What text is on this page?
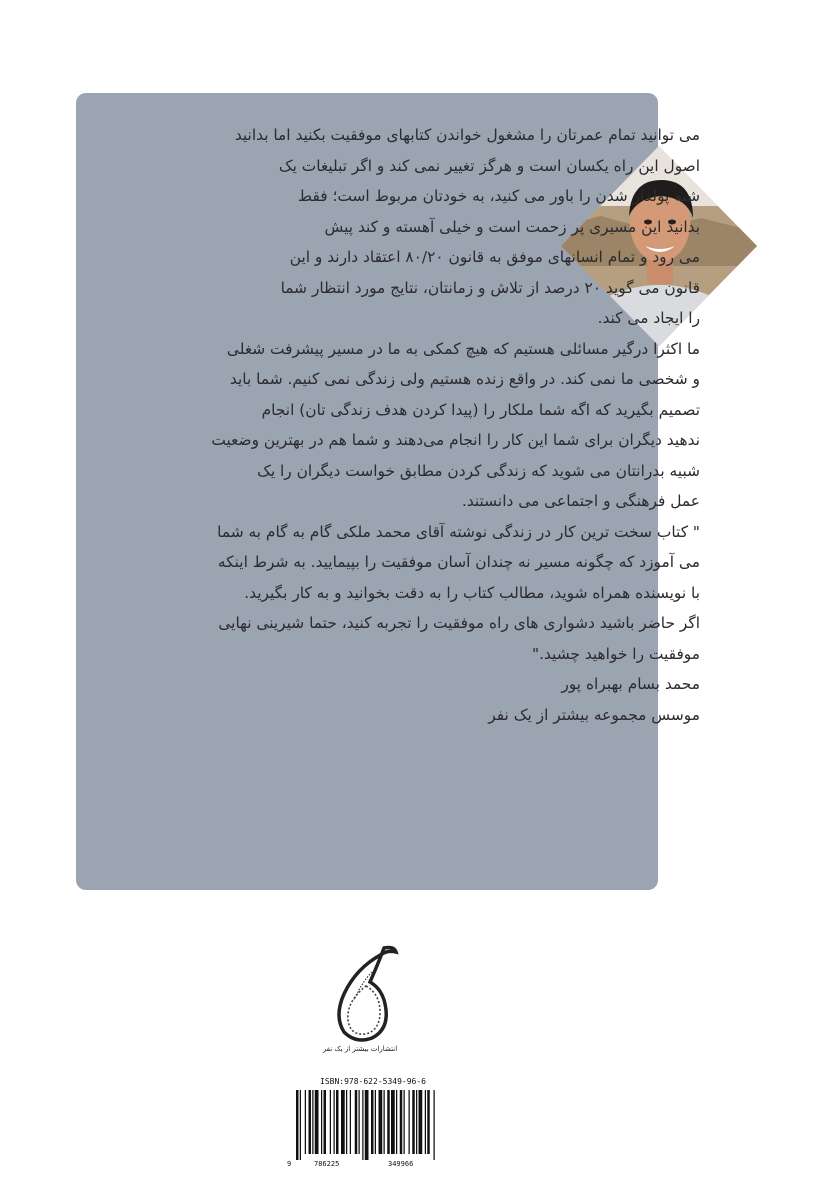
می توانید تمام عمرتان را مشغول خواندن کتابهای موفقیت بکنید اما بدانید
اصول این راه یکسان است و هرگز تغییر نمی کند و اگر تبلیغات یک
شبه پولدار شدن را باور می کنید، به خودتان مربوط است؛ فقط
بدانید این مسیری پر زحمت است و خیلی آهسته و کند پیش
می رود و تمام انسانهای موفق به قانون ۸۰/۲۰ اعتقاد دارند و این
قانون می گوید ۲۰ درصد از تلاش و زمانتان، نتایج مورد انتظار شما
را ایجاد می کند.
ما اکثرا درگیر مسائلی هستیم که هیچ کمکی به ما در مسیر پیشرفت شغلی
و شخصی ما نمی کند. در واقع زنده هستیم ولی زندگی نمی کنیم. شما باید
تصمیم بگیرید که اگه شما ملکار را (پیدا کردن هدف زندگی تان) انجام
ندهید دیگران برای شما این کار را انجام می‌دهند و شما هم در بهترین وضعیت
شبیه بدرانتان می شوید که زندگی کردن مطابق خواست دیگران را یک
عمل فرهنگی و اجتماعی می دانستند.
" کتاب سخت ترین کار در زندگی نوشته آقای محمد ملکی گام به گام به شما
می آموزد که چگونه مسیر نه چندان آسان موفقیت را بپیمایید. به شرط اینکه
با نویسنده همراه شوید، مطالب کتاب را به دقت بخوانید و به کار بگیرید.
اگر حاضر باشید دشواری های راه موفقیت را تجربه کنید، حتما شیرینی نهایی
موفقیت را خواهید چشید."
محمد بسام بهبراه پور
موسس مجموعه بیشتر از یک نفر
انتشارات بیشتر از یک نفر
ISBN:978-622-5349-96-6
9	786225	349966
